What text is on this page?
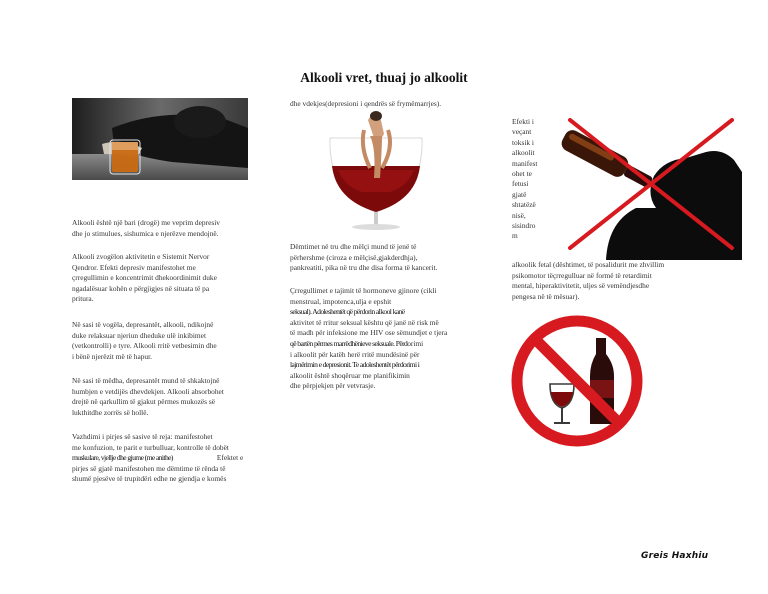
Alkooli vret, thuaj jo alkoolit
Alkooli është një bari (drogë) me veprim depresiv
dhe jo stimulues, sishumica e njerëzve mendojnë.
Alkooli zvogëlon aktivitetin e Sistemit Nervor
Qendror. Efekti depresiv manifestohet me
çrregullimin e koncentrimit dhekoordinimit duke
ngadalësuar kohën e përgjigjes në situata të pa
pritura.
Në sasi të vogëla, depresantët, alkooli, ndikojnë
duke relaksuar njeriun dheduke ulë inkibimet
(vetkontrolli) e tyre. Alkooli rritë vetbesimin dhe
i bënë njerëzit më të hapur.
Në sasi të mëdha, depresantët mund të shkaktojnë
humbjen e vetdijës dhevdekjen. Alkooli absorbohet
drejtë në qarkullim të gjakut përmes mukozës së
lukthitdhe zorrës së hollë.
Vazhdimi i pirjes së sasive të reja: manifestohet
me konfuzion, te parit e turbulluar, kontrolle të dobët
muskulare, vjellje dhe gjume (me anithe)	Efektet e
pirjes së gjatë manifestohen me dëmtime të rënda të
shumë pjesëve të trupitdëri edhe ne gjendja e komës
dhe vdekjes(depresioni i qendrës së frymëmarrjes).
Dëmtimet në tru dhe mëlçi mund të jenë të
përhershme (ciroza e mëlçisë,gjakderdhja),
pankreatiti, pika në tru dhe disa forma të kancerit.
Çrregullimet e tajimit të hormoneve gjinore (cikli
menstrual, impotenca,ulja e epshit
seksual). Adoleshentët që përdorin alkool kanë
aktivitet të rritur seksual kështu që janë në risk më
të madh për infeksione me HIV ose sëmundjet e tjera
që bartën përmes marrëdhënieve seksuale. Përdorimi
i alkoolit për katëh herë rritë mundësinë për
lajmërimin e depresionit. Te adoleshentët përdorimi i
alkoolit është shoqëruar me planifikimin
dhe përpjekjen për vetvrasje.
Efekti i
veçant
toksik i
alkoolit
manifest
ohet te
fetusi
gjatë
shtatëzë
nisë,
sisindro
m
alkoolik fetal (dështimet, të posalidurit me zhvillim
psikomotor tëçrregulluar në formë të retardimit
mental, hiperaktivitetit, uljes së vemëndjesdhe
pengesa në të mësuar).
Greis Haxhiu
